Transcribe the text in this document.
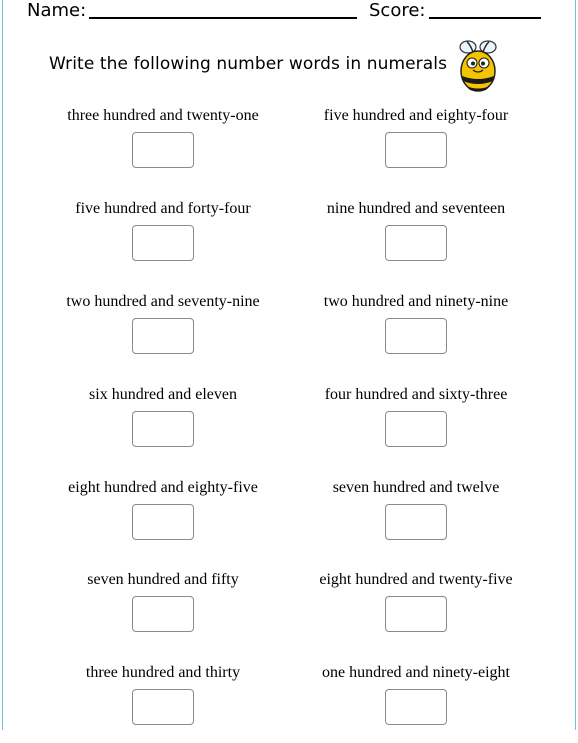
Name:	Score:
Write the following number words in numerals
three hundred and twenty-one	five hundred and eighty-four
five hundred and forty-four	nine hundred and seventeen
two hundred and seventy-nine	two hundred and ninety-nine
six hundred and eleven	four hundred and sixty-three
eight hundred and eighty-five	seven hundred and twelve
seven hundred and fifty	eight hundred and twenty-five
three hundred and thirty	one hundred and ninety-eight
